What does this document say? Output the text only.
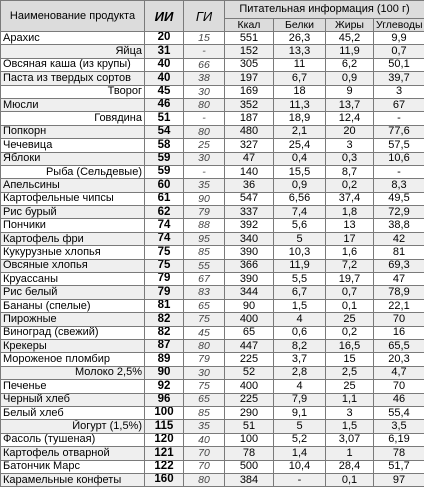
Наименование продукта	ИИ	ГИ	Питательная информация (100 г)			
			Ккал	Белки	Жиры	Углеводы
Арахис	20	15	551	26,3	45,2	9,9
Яйца	31	-	152	13,3	11,9	0,7
Овсяная каша (из крупы)	40	66	305	11	6,2	50,1
Паста из твердых сортов	40	38	197	6,7	0,9	39,7
Творог	45	30	169	18	9	3
Мюсли	46	80	352	11,3	13,7	67
Говядина	51	-	187	18,9	12,4	-
Попкорн	54	80	480	2,1	20	77,6
Чечевица	58	25	327	25,4	3	57,5
Яблоки	59	30	47	0,4	0,3	10,6
Рыба (Сельдевые)	59	-	140	15,5	8,7	-
Апельсины	60	35	36	0,9	0,2	8,3
Картофельные чипсы	61	90	547	6,56	37,4	49,5
Рис бурый	62	79	337	7,4	1,8	72,9
Пончики	74	88	392	5,6	13	38,8
Картофель фри	74	95	340	5	17	42
Кукурузные хлопья	75	85	390	10,3	1,6	81
Овсяные хлопья	75	55	366	11,9	7,2	69,3
Круассаны	79	67	390	5,5	19,7	47
Рис белый	79	83	344	6,7	0,7	78,9
Бананы (спелые)	81	65	90	1,5	0,1	22,1
Пирожные	82	75	400	4	25	70
Виноград (свежий)	82	45	65	0,6	0,2	16
Крекеры	87	80	447	8,2	16,5	65,5
Мороженое пломбир	89	79	225	3,7	15	20,3
Молоко 2,5%	90	30	52	2,8	2,5	4,7
Печенье	92	75	400	4	25	70
Черный хлеб	96	65	225	7,9	1,1	46
Белый хлеб	100	85	290	9,1	3	55,4
Йогурт (1,5%)	115	35	51	5	1,5	3,5
Фасоль (тушеная)	120	40	100	5,2	3,07	6,19
Картофель отварной	121	70	78	1,4	1	78
Батончик Марс	122	70	500	10,4	28,4	51,7
Карамельные конфеты	160	80	384	-	0,1	97
